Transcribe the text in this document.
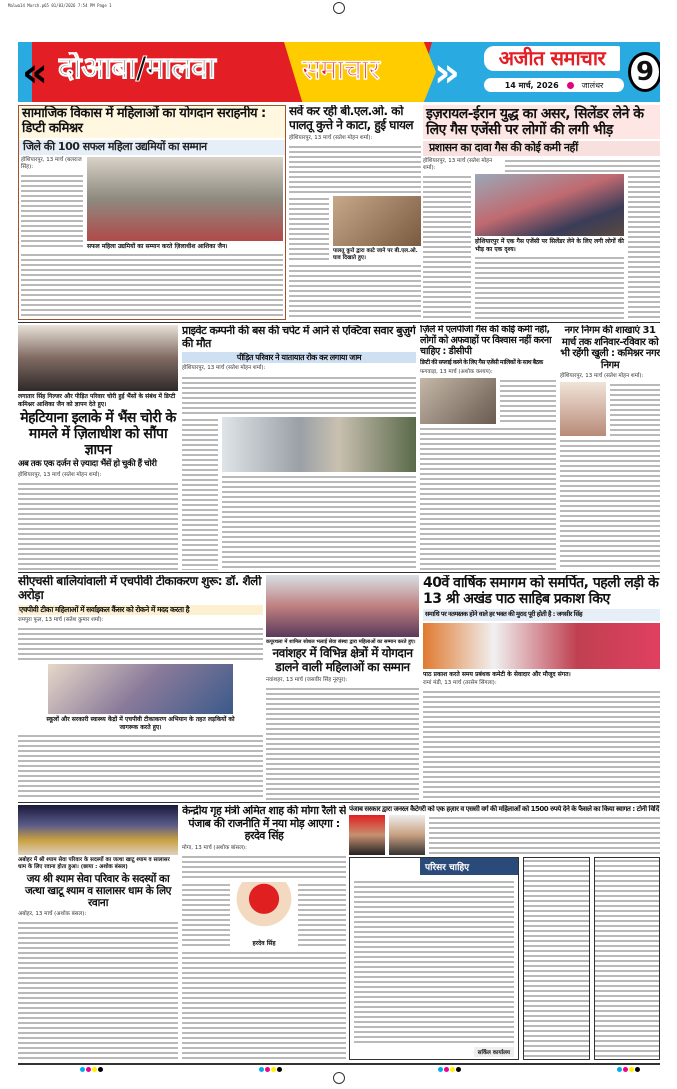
Malwa14 March.p65 01/03/2026 7:54 PM Page 1
« दोआबा/मालवा	समाचार	»	अजीत समाचार
14 मार्च, 2026	जालंधर	9
सामाजिक विकास में महिलाओं का योगदान सराहनीय : डिप्टी कमिश्नर
जिले की 100 सफल महिला उद्यमियों का सम्मान
होशियारपुर, 13 मार्च (बलराज सिंह):
सफल महिला उद्यमियों का सम्मान करते ज़िलाधीश आशिका जैन।
सर्वे कर रही बी.एल.ओ. को पालतू कुत्ते ने काटा, हुई घायल
होशियारपुर, 13 मार्च (सतेश मोहन शर्मा):
पालतू कुत्ते द्वारा काटे जाने पर बी.एल.ओ. घाव दिखाते हुए।
इज़रायल-ईरान युद्ध का असर, सिलेंडर लेने के लिए गैस एजेंसी पर लोगों की लगी भीड़
प्रशासन का दावा गैस की कोई कमी नहीं
होशियारपुर, 13 मार्च (सतेश मोहन शर्मा):
होशियारपुर में एक गैस एजेंसी पर सिलेंडर लेने के लिए लगी लोगों की भीड़ का एक दृश्य।
लगातार सिंह गिल्जर और पीड़ित परिवार चोरी हुई भैंसों के संबंध में डिप्टी कमिश्नर आशिका जैन को ज्ञापन देते हुए।
मेहटियाना इलाके में भैंस चोरी के मामले में ज़िलाधीश को सौंपा ज्ञापन
अब तक एक दर्जन से ज़्यादा भैंसें हो चुकी हैं चोरी
होशियारपुर, 13 मार्च (सतेश मोहन शर्मा):
प्राइवेट कम्पनी की बस की चपेट में आने से एक्टिवा सवार बुज़ुर्ग की मौत
पीड़ित परिवार ने यातायात रोक कर लगाया जाम
होशियारपुर, 13 मार्च (सतेश मोहन शर्मा):
ज़िले में एलपीजी गैस की कोई कमी नहीं, लोगों को अफवाहों पर विश्वास नहीं करना चाहिए : डीसीपी
डिप्टी की सप्लाई करने के लिए गैस एजेंसी मालिकों के साथ बैठक
फगवाड़ा, 13 मार्च (अशोक कश्यप):
नगर निगम की शाखाएं 31 मार्च तक शनिवार-रविवार को भी रहेंगी खुली : कमिश्नर नगर निगम
होशियारपुर, 13 मार्च (सतेश मोहन शर्मा):
सीएचसी बालियांवाली में एचपीवी टीकाकरण शुरू: डॉ. शैली अरोड़ा
एचपीवी टीका महिलाओं में सर्वाइकल कैंसर को रोकने में मदद करता है
रामपुरा फूल, 13 मार्च (सतेश कुमार शर्मा):
स्कूलों और सरकारी स्वास्थ्य केंद्रों में एचपीवी टीकाकरण अभियान के तहत लड़कियों को जागरूक करते हुए।
कपूरथला में शामिल सोशल भलाई सेवा संस्था द्वारा महिलाओं का सम्मान करते हुए।
नवांशहर में विभिन्न क्षेत्रों में योगदान डालने वाली महिलाओं का सम्मान
नवांशहर, 13 मार्च (जसवीर सिंह नूरपुर):
40वें वार्षिक समागम को समर्पित, पहली लड़ी के 13 श्री अखंड पाठ साहिब प्रकाश किए
समाधि पर नतमस्तक होने वाले हर भक्त की मुराद पूरी होती है : जगसीर सिंह
पाठ प्रकाश करते समय प्रबंधक कमेटी के सेवादार और मौजूद संगत।
रामां मंडी, 13 मार्च (तरसेम सिंगला):
अबोहर में श्री श्याम सेवा परिवार के सदस्यों का जत्था खाटू श्याम व सालासर धाम के लिए रवाना होता हुआ। (छाया : अशोक बंसल)
जय श्री श्याम सेवा परिवार के सदस्यों का जत्था खाटू श्याम व सालासर धाम के लिए रवाना
अबोहर, 13 मार्च (अशोक बंसल):
केन्द्रीय गृह मंत्री अमित शाह की मोगा रैली से पंजाब की राजनीति में नया मोड़ आएगा : हरदेव सिंह
मोगा, 13 मार्च (अशोक बांसल):
हरदेव सिंह
पंजाब सरकार द्वारा जनरल कैटेगरी को एक हज़ार व एससी वर्ग की महिलाओं को 1500 रुपये देने के फैसले का किया स्वागत : टोनी विर्दि
परिसर चाहिए
सर्किल कार्यालय
